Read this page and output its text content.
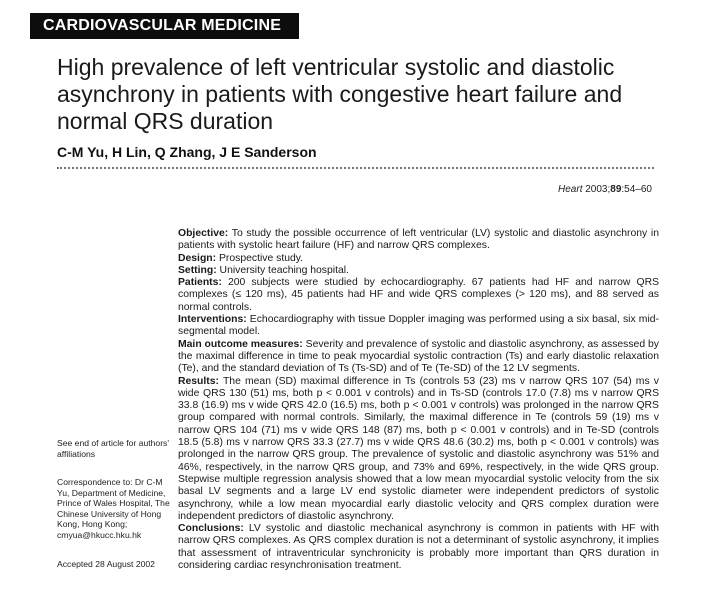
CARDIOVASCULAR MEDICINE
High prevalence of left ventricular systolic and diastolic asynchrony in patients with congestive heart failure and normal QRS duration
C-M Yu, H Lin, Q Zhang, J E Sanderson
Heart 2003;89:54–60

Objective: To study the possible occurrence of left ventricular (LV) systolic and diastolic asynchrony in patients with systolic heart failure (HF) and narrow QRS complexes.

Design: Prospective study.

Setting: University teaching hospital.

Patients: 200 subjects were studied by echocardiography. 67 patients had HF and narrow QRS complexes (≤ 120 ms), 45 patients had HF and wide QRS complexes (> 120 ms), and 88 served as normal controls.

Interventions: Echocardiography with tissue Doppler imaging was performed using a six basal, six mid-segmental model.

Main outcome measures: Severity and prevalence of systolic and diastolic asynchrony, as assessed by the maximal difference in time to peak myocardial systolic contraction (Ts) and early diastolic relaxation (Te), and the standard deviation of Ts (Ts-SD) and of Te (Te-SD) of the 12 LV segments.

Results: The mean (SD) maximal difference in Ts (controls 53 (23) ms v narrow QRS 107 (54) ms v wide QRS 130 (51) ms, both p < 0.001 v controls) and in Ts-SD (controls 17.0 (7.8) ms v narrow QRS 33.8 (16.9) ms v wide QRS 42.0 (16.5) ms, both p < 0.001 v controls) was prolonged in the narrow QRS group compared with normal controls. Similarly, the maximal difference in Te (controls 59 (19) ms v narrow QRS 104 (71) ms v wide QRS 148 (87) ms, both p < 0.001 v controls) and in Te-SD (controls 18.5 (5.8) ms v narrow QRS 33.3 (27.7) ms v wide QRS 48.6 (30.2) ms, both p < 0.001 v controls) was prolonged in the narrow QRS group. The prevalence of systolic and diastolic asynchrony was 51% and 46%, respectively, in the narrow QRS group, and 73% and 69%, respectively, in the wide QRS group. Stepwise multiple regression analysis showed that a low mean myocardial systolic velocity from the six basal LV segments and a large LV end systolic diameter were independent predictors of systolic asynchrony, while a low mean myocardial early diastolic velocity and QRS complex duration were independent predictors of diastolic asynchrony.

Conclusions: LV systolic and diastolic mechanical asynchrony is common in patients with HF with narrow QRS complexes. As QRS complex duration is not a determinant of systolic asynchrony, it implies that assessment of intraventricular synchronicity is probably more important than QRS duration in considering cardiac resynchronisation treatment.

See end of article for authors' affiliations

Correspondence to: Dr C-M Yu, Department of Medicine, Prince of Wales Hospital, The Chinese University of Hong Kong, Hong Kong; cmyua@hkucc.hku.hk

Accepted 28 August 2002
